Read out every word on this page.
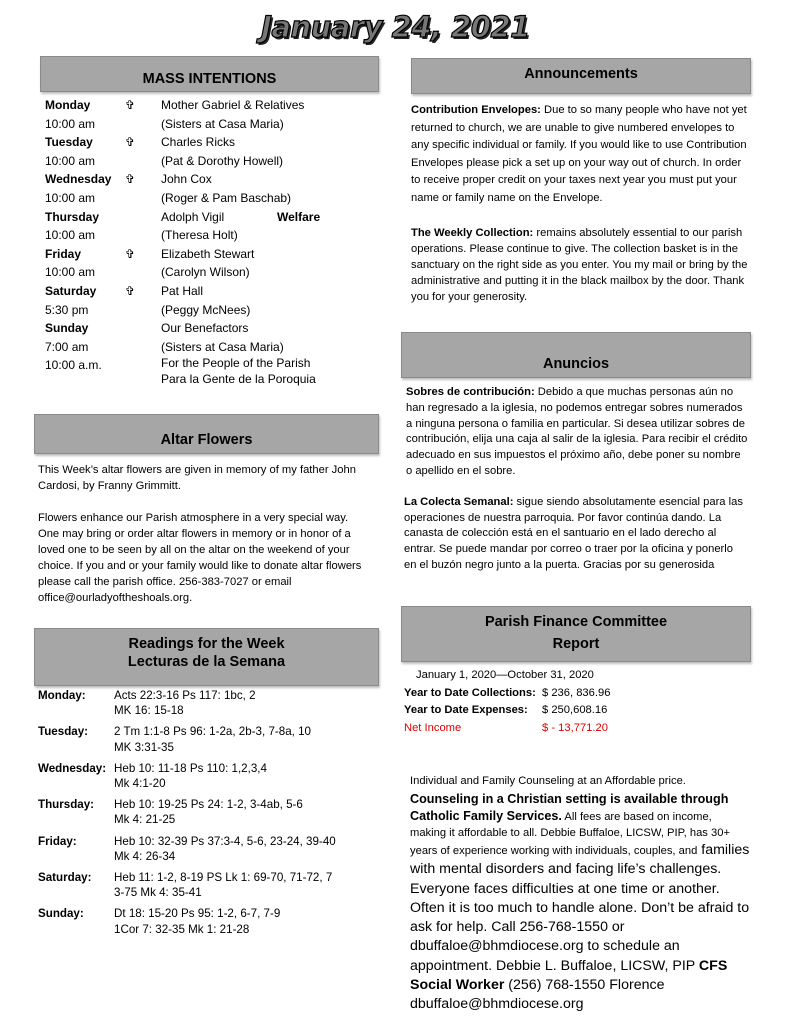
January 24, 2021
MASS INTENTIONS
Monday	✞ Mother Gabriel & Relatives
10:00 am	(Sisters at Casa Maria)
Tuesday	✞ Charles Ricks
10:00 am	(Pat & Dorothy Howell)
Wednesday ✞ John Cox
10:00 am	(Roger & Pam Baschab)
Thursday	Adolph Vigil	Welfare
10:00 am	(Theresa Holt)
Friday	✞ Elizabeth Stewart
10:00 am	(Carolyn Wilson)
Saturday ✞ Pat Hall
5:30 pm	(Peggy McNees)
Sunday	Our Benefactors
7:00 am	(Sisters at Casa Maria)
10:00 a.m.	For the People of the Parish
Para la Gente de la Poroquia
Altar Flowers
This Week’s altar flowers are given in memory of my father John Cardosi, by Franny Grimmitt.
Flowers enhance our Parish atmosphere in a very special way. One may bring or order altar flowers in memory or in honor of a loved one to be seen by all on the altar on the weekend of your choice. If you and or your family would like to donate altar flowers please call the parish office. 256-383-7027 or email office@ourladyoftheshoals.org.
Readings for the Week
Lecturas de la Semana
Monday: Acts 22:3-16 Ps 117: 1bc, 2
MK 16: 15-18
Tuesday: 2 Tm 1:1-8 Ps 96: 1-2a, 2b-3, 7-8a, 10
MK 3:31-35
Wednesday: Heb 10: 11-18 Ps 110: 1,2,3,4
Mk 4:1-20
Thursday: Heb 10: 19-25 Ps 24: 1-2, 3-4ab, 5-6
Mk 4: 21-25
Friday:	Heb 10: 32-39 Ps 37:3-4, 5-6, 23-24, 39-40
Mk 4: 26-34
Saturday: Heb 11: 1-2, 8-19 PS Lk 1: 69-70, 71-72, 7
3-75 Mk 4: 35-41
Sunday:	Dt 18: 15-20 Ps 95: 1-2, 6-7, 7-9
1Cor 7: 32-35 Mk 1: 21-28
Announcements
Contribution Envelopes: Due to so many people who have not yet returned to church, we are unable to give numbered envelopes to any specific individual or family. If you would like to use Contribution Envelopes please pick a set up on your way out of church. In order to receive proper credit on your taxes next year you must put your name or family name on the Envelope.
The Weekly Collection: remains absolutely essential to our parish operations. Please continue to give. The collection basket is in the sanctuary on the right side as you enter. You my mail or bring by the administrative and putting it in the black mailbox by the door. Thank you for your generosity.
Anuncios
Sobres de contribución: Debido a que muchas personas aún no han regresado a la iglesia, no podemos entregar sobres numerados a ninguna persona o familia en particular. Si desea utilizar sobres de contribución, elija una caja al salir de la iglesia. Para recibir el crédito adecuado en sus impuestos el próximo año, debe poner su nombre o apellido en el sobre.
La Colecta Semanal: sigue siendo absolutamente esencial para las operaciones de nuestra parroquia. Por favor continúa dando. La canasta de colección está en el santuario en el lado derecho al entrar. Se puede mandar por correo o traer por la oficina y ponerlo en el buzón negro junto a la puerta. Gracias por su generosida
Parish Finance Committee
Report
January 1, 2020—October 31, 2020
Year to Date Collections: $ 236, 836.96
Year to Date Expenses: $ 250,608.16
Net Income	$ - 13,771.20
Individual and Family Counseling at an Affordable price.
Counseling in a Christian setting is available through Catholic Family Services. All fees are based on income, making it affordable to all. Debbie Buffaloe, LICSW, PIP, has 30+ years of experience working with individuals, couples, and families with mental disorders and facing life’s challenges. Everyone faces difficulties at one time or another. Often it is too much to handle alone. Don’t be afraid to ask for help. Call 256-768-1550 or dbuffaloe@bhmdiocese.org to schedule an appointment. Debbie L. Buffaloe, LICSW, PIP CFS Social Worker (256) 768-1550 Florence dbuffaloe@bhmdiocese.org
